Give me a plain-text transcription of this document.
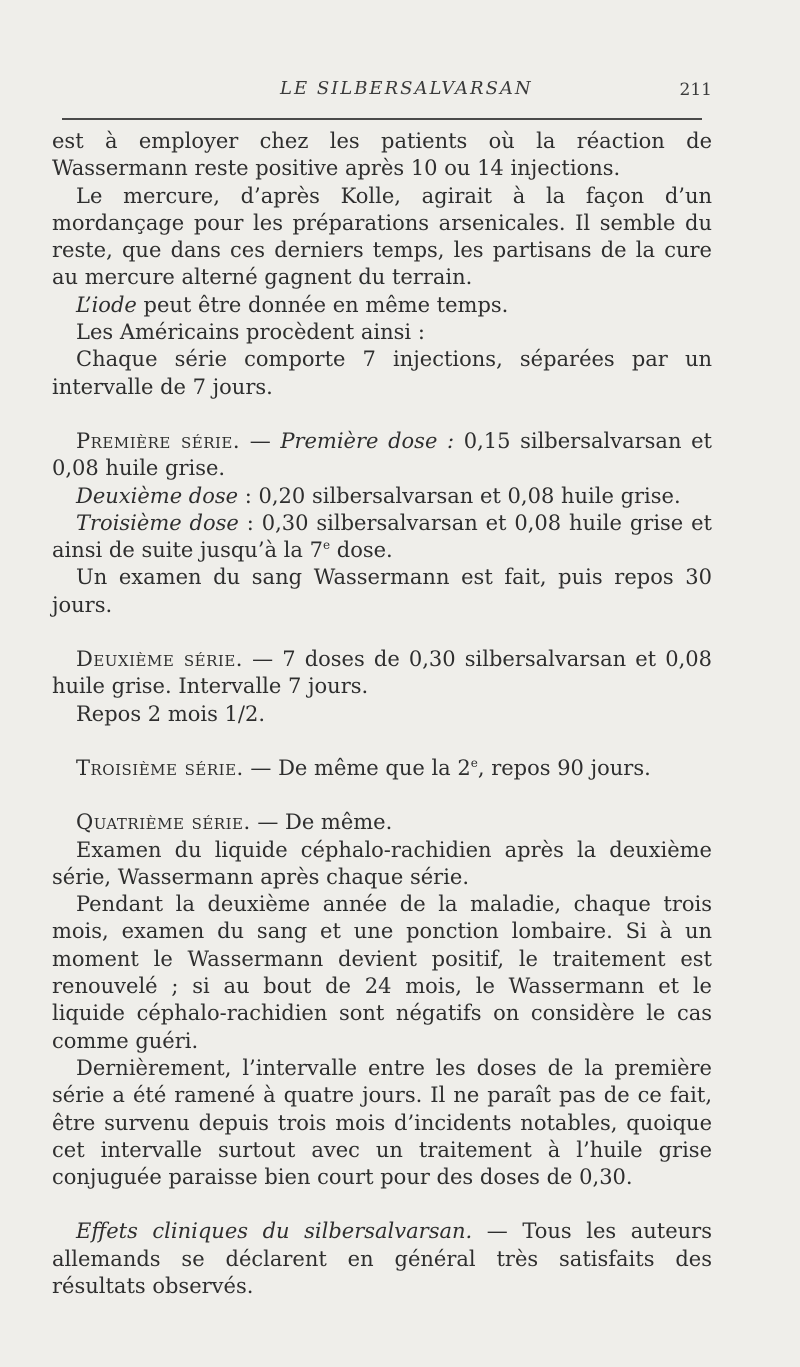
LE SILBERSALVARSAN	211

est à employer chez les patients où la réaction de Wassermann reste positive après 10 ou 14 injections.

Le mercure, d’après Kolle, agirait à la façon d’un mordançage pour les préparations arsenicales. Il semble du reste, que dans ces derniers temps, les partisans de la cure au mercure alterné gagnent du terrain.

L’iode peut être donnée en même temps.

Les Américains procèdent ainsi :

Chaque série comporte 7 injections, séparées par un intervalle de 7 jours.

Première série. — Première dose : 0,15 silbersalvarsan et 0,08 huile grise.

Deuxième dose : 0,20 silbersalvarsan et 0,08 huile grise.

Troisième dose : 0,30 silbersalvarsan et 0,08 huile grise et ainsi de suite jusqu’à la 7e dose.

Un examen du sang Wassermann est fait, puis repos 30 jours.

Deuxième série. — 7 doses de 0,30 silbersalvarsan et 0,08 huile grise. Intervalle 7 jours.

Repos 2 mois 1/2.

Troisième série. — De même que la 2e, repos 90 jours.

Quatrième série. — De même.

Examen du liquide céphalo-rachidien après la deuxième série, Wassermann après chaque série.

Pendant la deuxième année de la maladie, chaque trois mois, examen du sang et une ponction lombaire. Si à un moment le Wassermann devient positif, le traitement est renouvelé ; si au bout de 24 mois, le Wassermann et le liquide céphalo-rachidien sont négatifs on considère le cas comme guéri.

Dernièrement, l’intervalle entre les doses de la première série a été ramené à quatre jours. Il ne paraît pas de ce fait, être survenu depuis trois mois d’incidents notables, quoique cet intervalle surtout avec un traitement à l’huile grise conjuguée paraisse bien court pour des doses de 0,30.

Effets cliniques du silbersalvarsan. — Tous les auteurs allemands se déclarent en général très satisfaits des résultats observés.
